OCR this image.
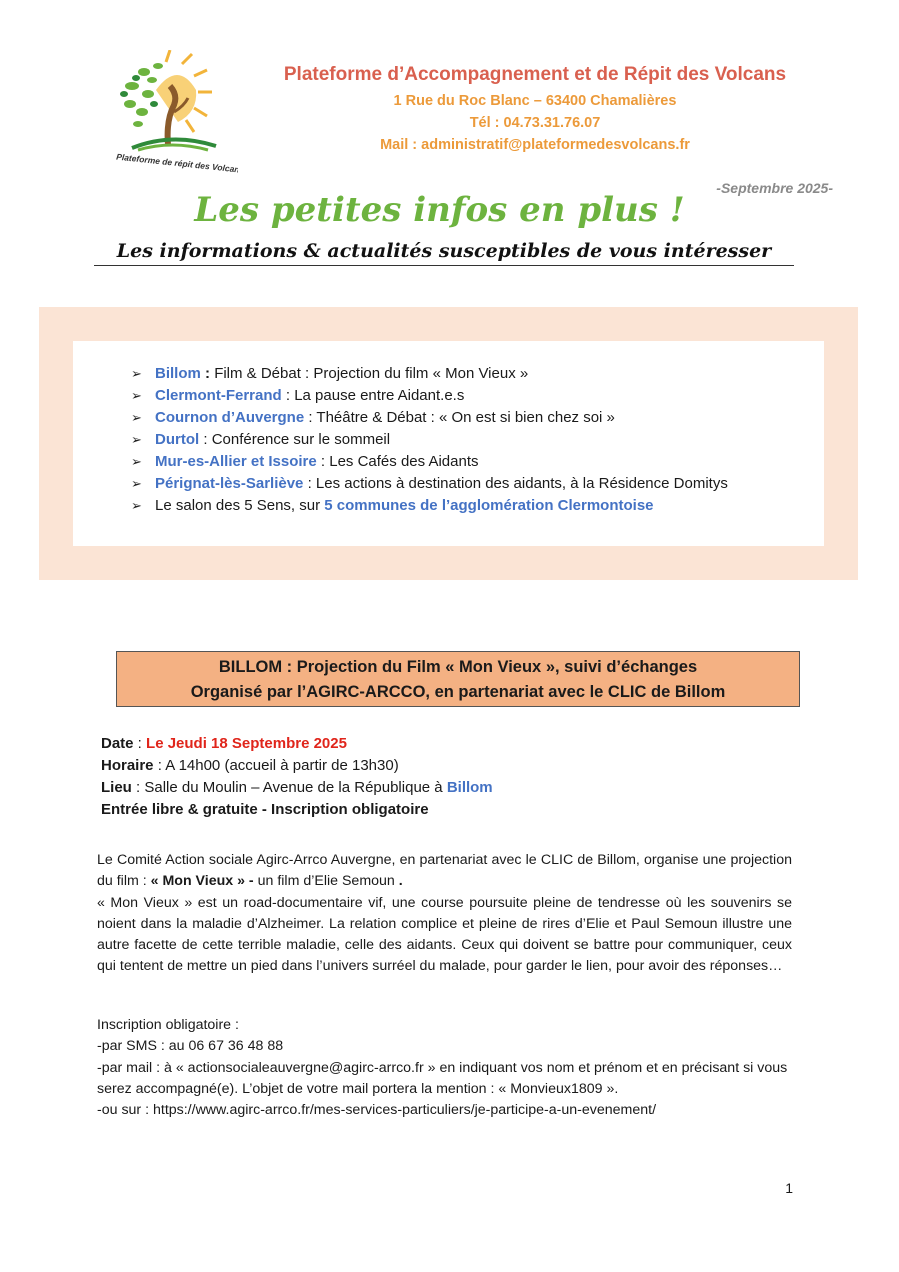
Plateforme de répit des Volcans
Plateforme d’Accompagnement et de Répit des Volcans
1 Rue du Roc Blanc – 63400 Chamalières
Tél : 04.73.31.76.07
Mail : administratif@plateformedesvolcans.fr
-Septembre 2025-
Les petites infos en plus !
Les informations & actualités susceptibles de vous intéresser
➢ Billom : Film & Débat : Projection du film « Mon Vieux »
➢ Clermont-Ferrand : La pause entre Aidant.e.s
➢ Cournon d’Auvergne : Théâtre & Débat : « On est si bien chez soi »
➢ Durtol : Conférence sur le sommeil
➢ Mur-es-Allier et Issoire : Les Cafés des Aidants
➢ Pérignat-lès-Sarliève : Les actions à destination des aidants, à la Résidence Domitys
➢ Le salon des 5 Sens, sur 5 communes de l’agglomération Clermontoise
BILLOM : Projection du Film « Mon Vieux », suivi d’échanges
Organisé par l’AGIRC-ARCCO, en partenariat avec le CLIC de Billom
Date : Le Jeudi 18 Septembre 2025
Horaire : A 14h00 (accueil à partir de 13h30)
Lieu : Salle du Moulin – Avenue de la République à Billom
Entrée libre & gratuite - Inscription obligatoire

Le Comité Action sociale Agirc-Arrco Auvergne, en partenariat avec le CLIC de Billom, organise une projection du film : « Mon Vieux » - un film d’Elie Semoun .

« Mon Vieux » est un road-documentaire vif, une course poursuite pleine de tendresse où les souvenirs se noient dans la maladie d’Alzheimer. La relation complice et pleine de rires d’Elie et Paul Semoun illustre une autre facette de cette terrible maladie, celle des aidants. Ceux qui doivent se battre pour communiquer, ceux qui tentent de mettre un pied dans l’univers surréel du malade, pour garder le lien, pour avoir des réponses…

Inscription obligatoire :

-par SMS : au 06 67 36 48 88

-par mail : à « actionsocialeauvergne@agirc-arrco.fr » en indiquant vos nom et prénom et en précisant si vous serez accompagné(e). L’objet de votre mail portera la mention : « Monvieux1809 ».

-ou sur : https://www.agirc-arrco.fr/mes-services-particuliers/je-participe-a-un-evenement/

1
